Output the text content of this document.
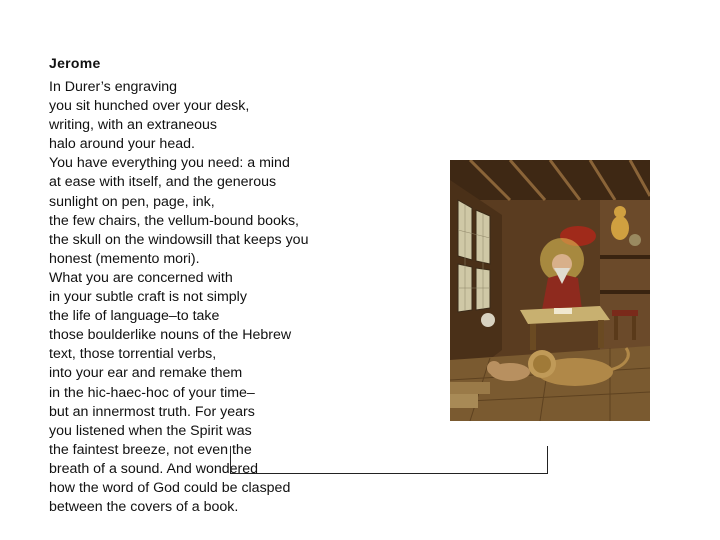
Jerome
In Durer’s engraving
you sit hunched over your desk,
writing, with an extraneous
halo around your head.
You have everything you need: a mind
at ease with itself, and the generous
sunlight on pen, page, ink,
the few chairs, the vellum-bound books,
the skull on the windowsill that keeps you
honest (memento mori).
What you are concerned with
in your subtle craft is not simply
the life of language–to take
those boulderlike nouns of the Hebrew
text, those torrential verbs,
into your ear and remake them
in the hic-haec-hoc of your time–
but an innermost truth. For years
you listened when the Spirit was
the faintest breeze, not even the
breath of a sound. And wondered
how the word of God could be clasped
between the covers of a book.
